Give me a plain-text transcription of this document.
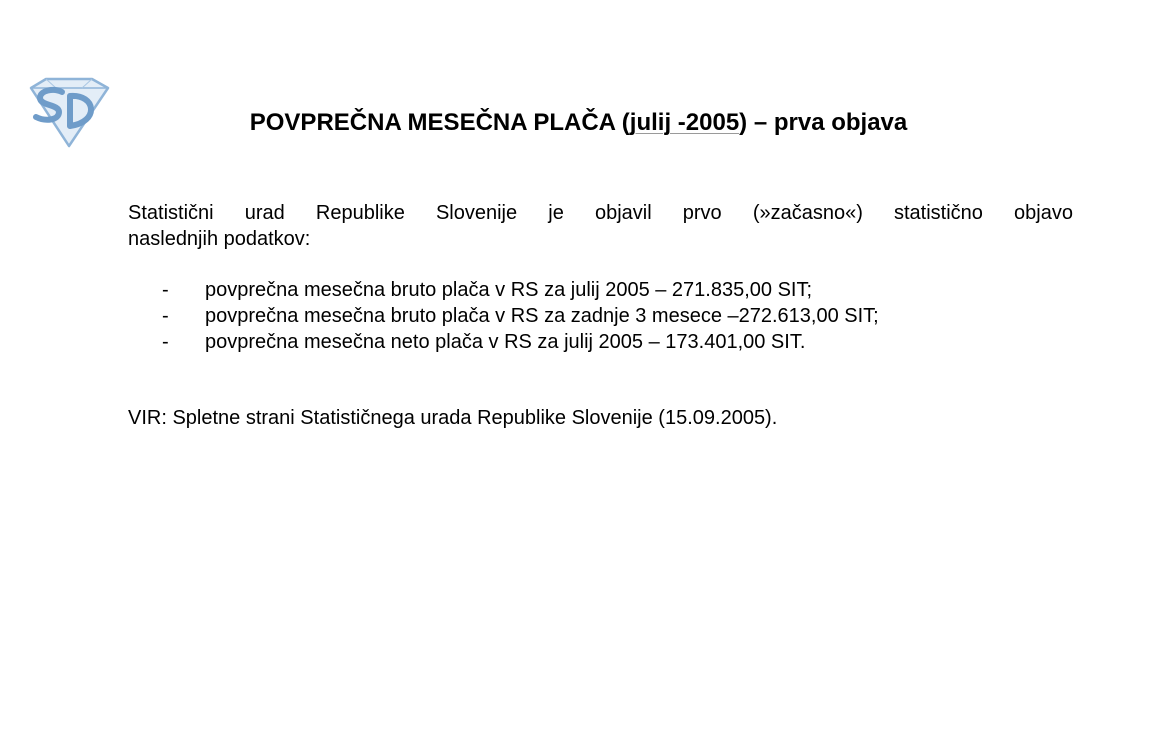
POVPREČNA MESEČNA PLAČA (julij -2005) – prva objava
Statistični urad Republike Slovenije je objavil prvo (»začasno«) statistično objavo
naslednjih podatkov:
- povprečna mesečna bruto plača v RS za julij 2005 – 271.835,00 SIT;
- povprečna mesečna bruto plača v RS za zadnje 3 mesece –272.613,00 SIT;
- povprečna mesečna neto plača v RS za julij 2005 – 173.401,00 SIT.
VIR: Spletne strani Statističnega urada Republike Slovenije (15.09.2005).
